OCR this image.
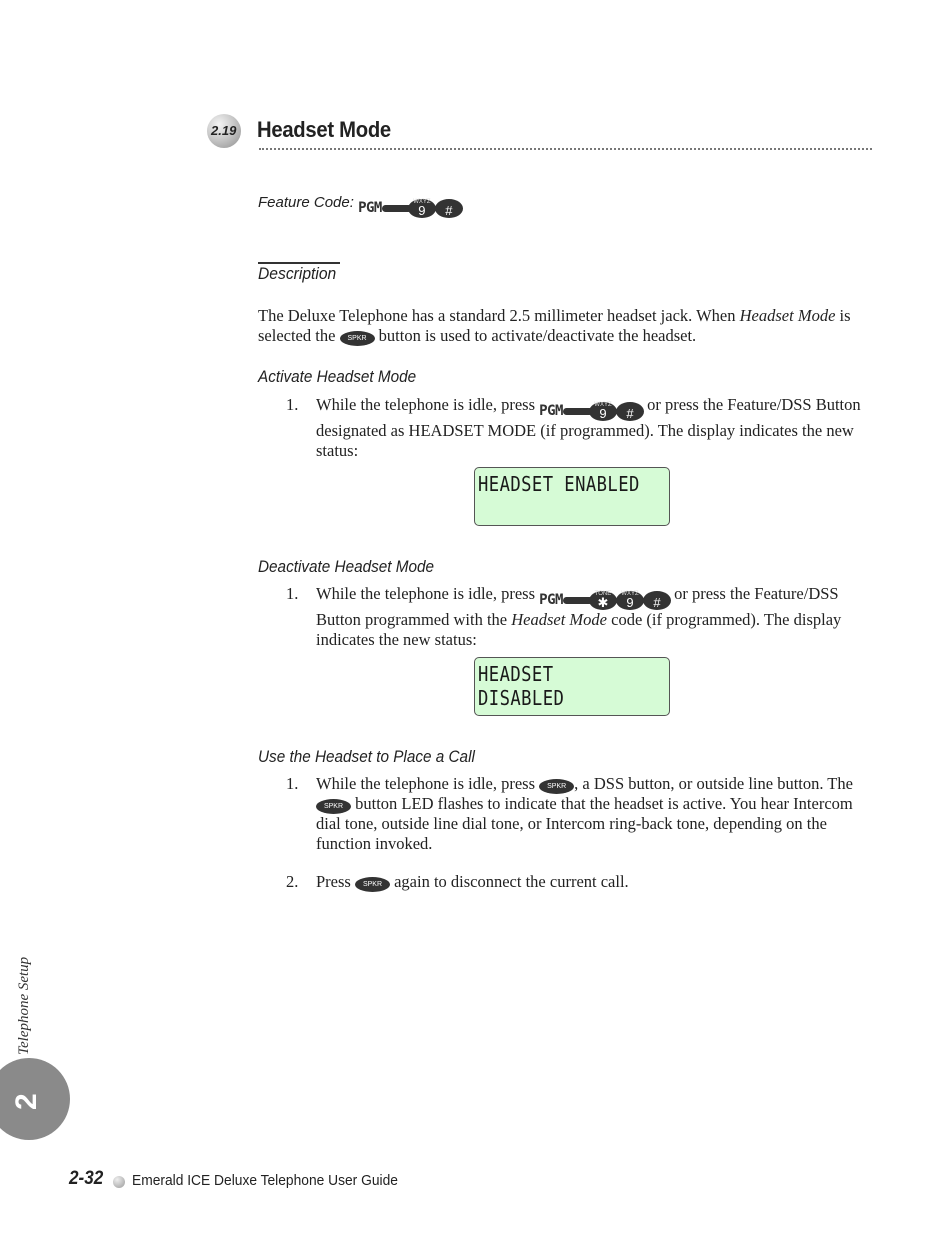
2.19 Headset Mode
Feature Code: PGM	WXYZ
9	#
Description
The Deluxe Telephone has a standard 2.5 millimeter headset jack. When Headset Mode is selected the SPKR button is used to activate/deactivate the headset.
Activate Headset Mode
1. While the telephone is idle, press PGM	WXYZ
9	# or press the Feature/DSS Button designated as HEADSET MODE (if programmed). The display indicates the new status:
HEADSET ENABLED
Deactivate Headset Mode
1. While the telephone is idle, press PGM	TONE
✱
WXYZ
9	# or press the Feature/DSS Button programmed with the Headset Mode code (if programmed). The display indicates the new status:
HEADSET DISABLED
Use the Headset to Place a Call
1. While the telephone is idle, press SPKR , a DSS button, or outside line button. The SPKR button LED flashes to indicate that the headset is active. You hear Intercom dial tone, outside line dial tone, or Intercom ring-back tone, depending on the function invoked.
2. Press SPKR again to disconnect the current call.
Telephone Setup
2
2-32 Emerald ICE Deluxe Telephone User Guide
